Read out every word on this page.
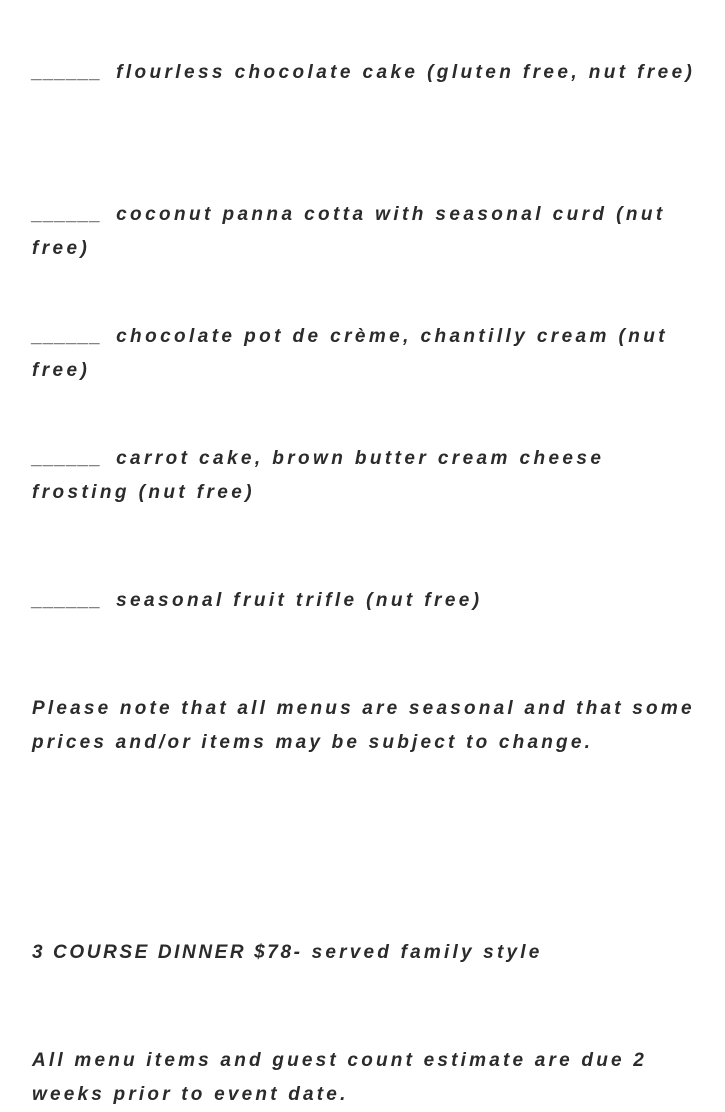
______ flourless chocolate cake (gluten free, nut free)

______ coconut panna cotta with seasonal curd (nut free)

______ chocolate pot de crème, chantilly cream (nut free)

______ carrot cake, brown butter cream cheese frosting (nut free)

______ seasonal fruit trifle (nut free)

Please note that all menus are seasonal and that some prices and/or items may be subject to change.

3 COURSE DINNER $78- served family style

All menu items and guest count estimate are due 2 weeks prior to event date.
